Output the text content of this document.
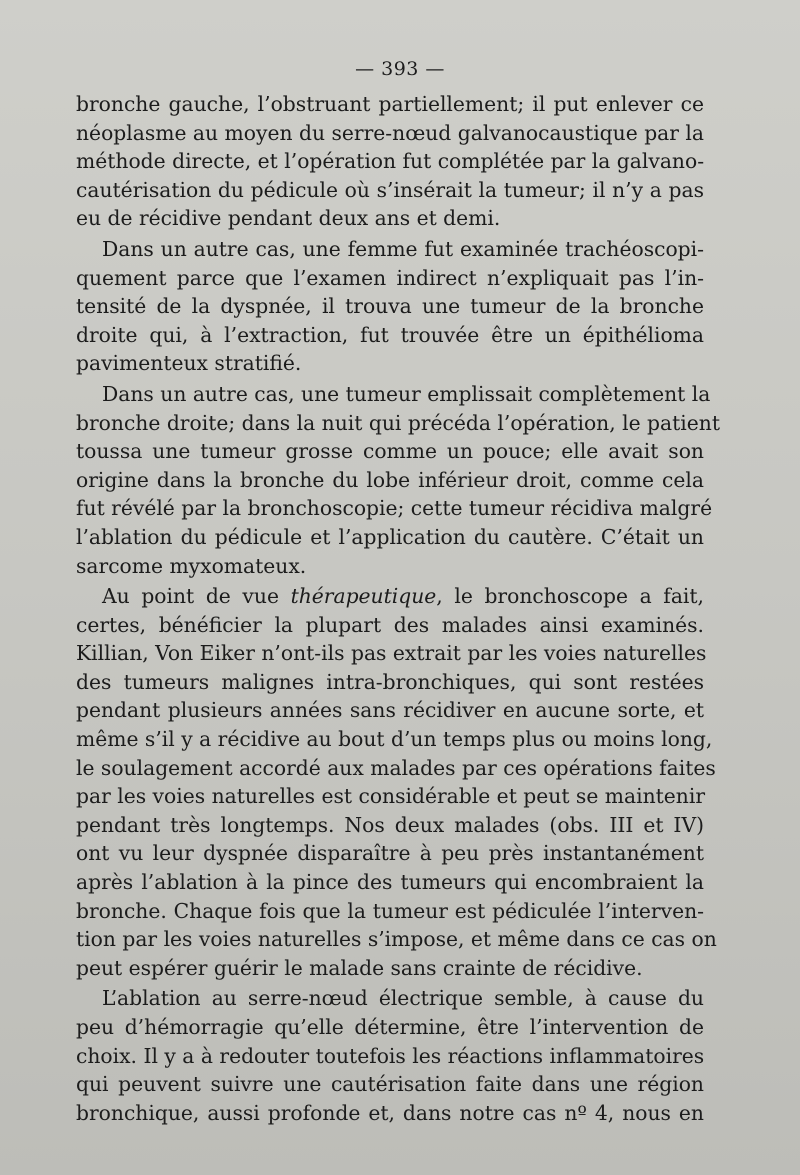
— 393 —
bronche gauche, l’obstruant partiellement; il put enlever ce
néoplasme au moyen du serre-nœud galvanocaustique par la
méthode directe, et l’opération fut complétée par la galvano-
cautérisation du pédicule où s’insérait la tumeur; il n’y a pas
eu de récidive pendant deux ans et demi.
Dans un autre cas, une femme fut examinée trachéoscopi-
quement parce que l’examen indirect n’expliquait pas l’in-
tensité de la dyspnée, il trouva une tumeur de la bronche
droite qui, à l’extraction, fut trouvée être un épithélioma
pavimenteux stratifié.
Dans un autre cas, une tumeur emplissait complètement la
bronche droite; dans la nuit qui précéda l’opération, le patient
toussa une tumeur grosse comme un pouce; elle avait son
origine dans la bronche du lobe inférieur droit, comme cela
fut révélé par la bronchoscopie; cette tumeur récidiva malgré
l’ablation du pédicule et l’application du cautère. C’était un
sarcome myxomateux.
Au point de vue thérapeutique, le bronchoscope a fait,
certes, bénéficier la plupart des malades ainsi examinés.
Killian, Von Eiker n’ont-ils pas extrait par les voies naturelles
des tumeurs malignes intra-bronchiques, qui sont restées
pendant plusieurs années sans récidiver en aucune sorte, et
même s’il y a récidive au bout d’un temps plus ou moins long,
le soulagement accordé aux malades par ces opérations faites
par les voies naturelles est considérable et peut se maintenir
pendant très longtemps. Nos deux malades (obs. III et IV)
ont vu leur dyspnée disparaître à peu près instantanément
après l’ablation à la pince des tumeurs qui encombraient la
bronche. Chaque fois que la tumeur est pédiculée l’interven-
tion par les voies naturelles s’impose, et même dans ce cas on
peut espérer guérir le malade sans crainte de récidive.
L’ablation au serre-nœud électrique semble, à cause du
peu d’hémorragie qu’elle détermine, être l’intervention de
choix. Il y a à redouter toutefois les réactions inflammatoires
qui peuvent suivre une cautérisation faite dans une région
bronchique, aussi profonde et, dans notre cas nº 4, nous en
